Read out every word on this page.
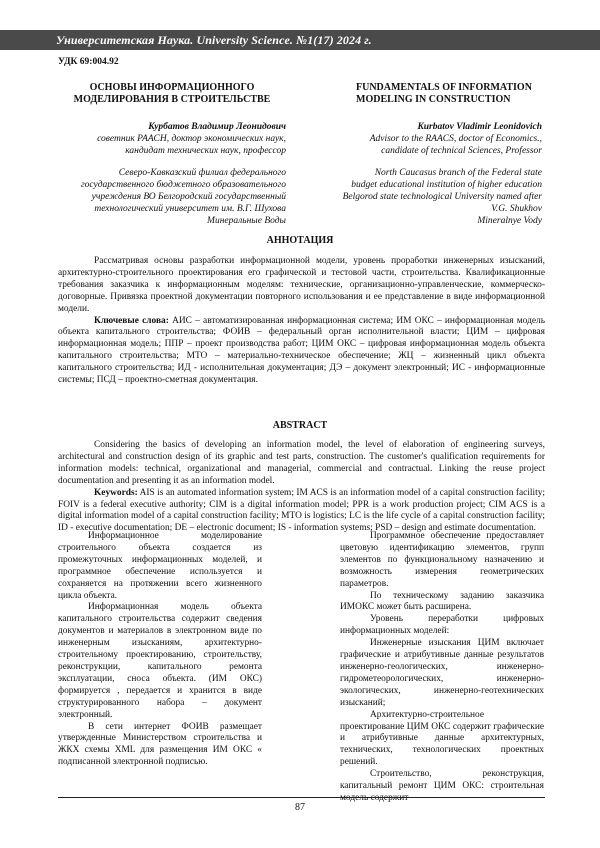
Университетская Наука. University Science. №1(17) 2024 г.
УДК 69:004.92
ОСНОВЫ ИНФОРМАЦИОННОГО
МОДЕЛИРОВАНИЯ В СТРОИТЕЛЬСТВЕ
FUNDAMENTALS OF INFORMATION
MODELING IN CONSTRUCTION
Курбатов Владимир Леонидович
советник РААСН, доктор экономических наук,
кандидат технических наук, профессор
Северо-Кавказский филиал федерального
государственного бюджетного образовательного
учреждения ВО Белгородский государственный
технологический университет им. В.Г. Шухова
Минеральные Воды
Kurbatov Vladimir Leonidovich
Advisor to the RAACS, doctor of Economics.,
candidate of technical Sciences, Professor
North Caucasus branch of the Federal state
budget educational institution of higher education
Belgorod state technological University named after
V.G. Shukhov
Mineralnye Vody
АННОТАЦИЯ

Рассматривая основы разработки информационной модели, уровень проработки инженерных изысканий, архитектурно-строительного проектирования его графической и тестовой части, строительства. Квалификационные требования заказчика к информационным моделям: технические, организационно-управленческие, коммерческо-договорные. Привязка проектной документации повторного использования и ее представление в виде информационной модели.

Ключевые слова: АИС – автоматизированная информационная система; ИМ ОКС – информационная модель объекта капитального строительства; ФОИВ – федеральный орган исполнительной власти; ЦИМ – цифровая информационная модель; ППР – проект производства работ; ЦИМ ОКС – цифровая информационная модель объекта капитального строительства; МТО – материально-техническое обеспечение; ЖЦ – жизненный цикл объекта капитального строительства; ИД - исполнительная документация; ДЭ – документ электронный; ИС - информационные системы; ПСД – проектно-сметная документация.

ABSTRACT

Considering the basics of developing an information model, the level of elaboration of engineering surveys, architectural and construction design of its graphic and test parts, construction. The customer's qualification requirements for information models: technical, organizational and managerial, commercial and contractual. Linking the reuse project documentation and presenting it as an information model.

Keywords: AIS is an automated information system; IM ACS is an information model of a capital construction facility; FOIV is a federal executive authority; CIM is a digital information model; PPR is a work production project; CIM ACS is a digital information model of a capital construction facility; MTO is logistics; LC is the life cycle of a capital construction facility; ID - executive documentation; DE – electronic document; IS - information systems; PSD – design and estimate documentation.

Информационное моделирование строительного объекта создается из промежуточных информационных моделей, и программное обеспечение используется и сохраняется на протяжении всего жизненного цикла объекта.

Информационная модель объекта капитального строительства содержит сведения документов и материалов в электронном виде по инженерным изысканиям, архитектурно-строительному проектированию, строительству, реконструкции, капитального ремонта эксплуатации, сноса объекта. (ИМ ОКС) формируется , передается и хранится в виде структурированного набора – документ электронный.

В сети интернет ФОИВ размещает утвержденные Министерством строительства и ЖКХ схемы XML для размещения ИМ ОКС « подписанной электронной подписью.

Программное обеспечение предоставляет цветовую идентификацию элементов, групп элементов по функциональному назначению и возможность измерения геометрических параметров.

По техническому заданию заказчика ИМОКС может быть расширена.

Уровень переработки цифровых информационных моделей:

Инженерные изыскания ЦИМ включает графические и атрибутивные данные результатов инженерно-геологических, инженерно-гидрометеорологических, инженерно-экологических, инженерно-геотехнических изысканий;

Архитектурно-строительное проектирование ЦИМ ОКС содержит графические и атрибутивные данные архитектурных, технических, технологических проектных решений.

Строительство, реконструкция, капитальный ремонт ЦИМ ОКС: строительная модель содержит

87
